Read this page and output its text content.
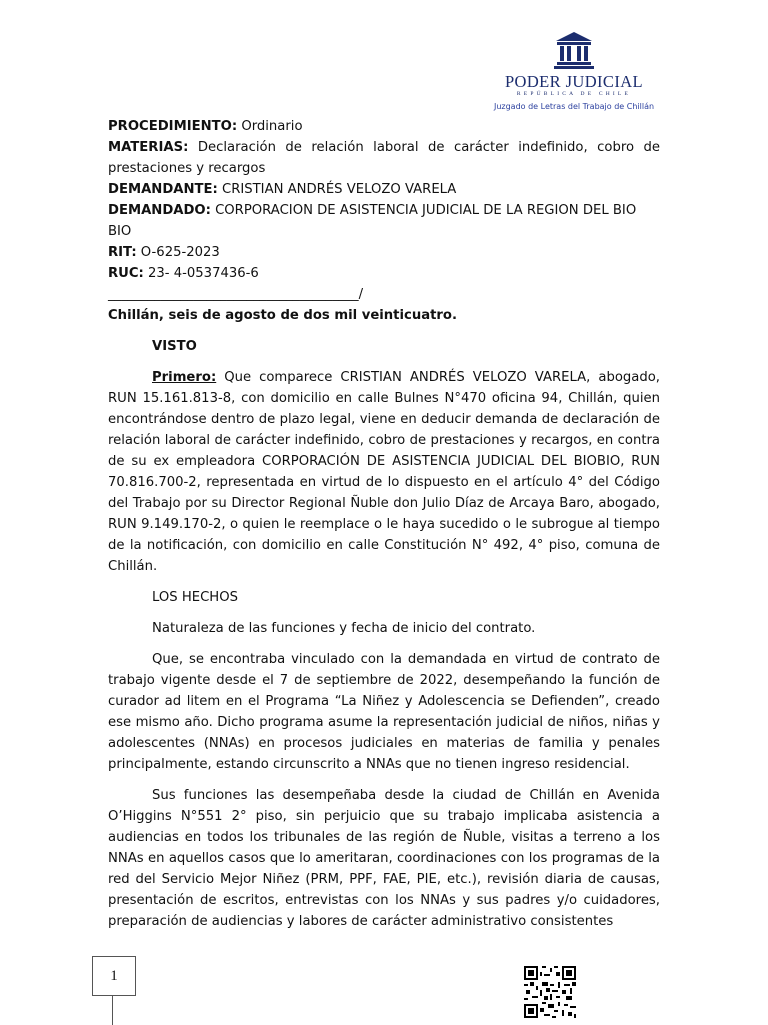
PODER JUDICIAL
REPÚBLICA DE CHILE
Juzgado de Letras del Trabajo de Chillán

PROCEDIMIENTO: Ordinario

MATERIAS: Declaración de relación laboral de carácter indefinido, cobro de prestaciones y recargos

DEMANDANTE: CRISTIAN ANDRÉS VELOZO VARELA

DEMANDADO: CORPORACION DE ASISTENCIA JUDICIAL DE LA REGION DEL BIO BIO

RIT: O-625-2023

RUC: 23- 4-0537436-6

______________________________________/

Chillán, seis de agosto de dos mil veinticuatro.

VISTO

Primero: Que comparece CRISTIAN ANDRÉS VELOZO VARELA, abogado, RUN 15.161.813-8, con domicilio en calle Bulnes N°470 oficina 94, Chillán, quien encontrándose dentro de plazo legal, viene en deducir demanda de declaración de relación laboral de carácter indefinido, cobro de prestaciones y recargos, en contra de su ex empleadora CORPORACIÓN DE ASISTENCIA JUDICIAL DEL BIOBIO, RUN 70.816.700-2, representada en virtud de lo dispuesto en el artículo 4° del Código del Trabajo por su Director Regional Ñuble don Julio Díaz de Arcaya Baro, abogado, RUN 9.149.170-2, o quien le reemplace o le haya sucedido o le subrogue al tiempo de la notificación, con domicilio en calle Constitución N° 492, 4° piso, comuna de Chillán.

LOS HECHOS

Naturaleza de las funciones y fecha de inicio del contrato.

Que, se encontraba vinculado con la demandada en virtud de contrato de trabajo vigente desde el 7 de septiembre de 2022, desempeñando la función de curador ad litem en el Programa “La Niñez y Adolescencia se Defienden”, creado ese mismo año. Dicho programa asume la representación judicial de niños, niñas y adolescentes (NNAs) en procesos judiciales en materias de familia y penales principalmente, estando circunscrito a NNAs que no tienen ingreso residencial.

Sus funciones las desempeñaba desde la ciudad de Chillán en Avenida O’Higgins N°551 2° piso, sin perjuicio que su trabajo implicaba asistencia a audiencias en todos los tribunales de las región de Ñuble, visitas a terreno a los NNAs en aquellos casos que lo ameritaran, coordinaciones con los programas de la red del Servicio Mejor Niñez (PRM, PPF, FAE, PIE, etc.), revisión diaria de causas, presentación de escritos, entrevistas con los NNAs y sus padres y/o cuidadores, preparación de audiencias y labores de carácter administrativo consistentes

1
